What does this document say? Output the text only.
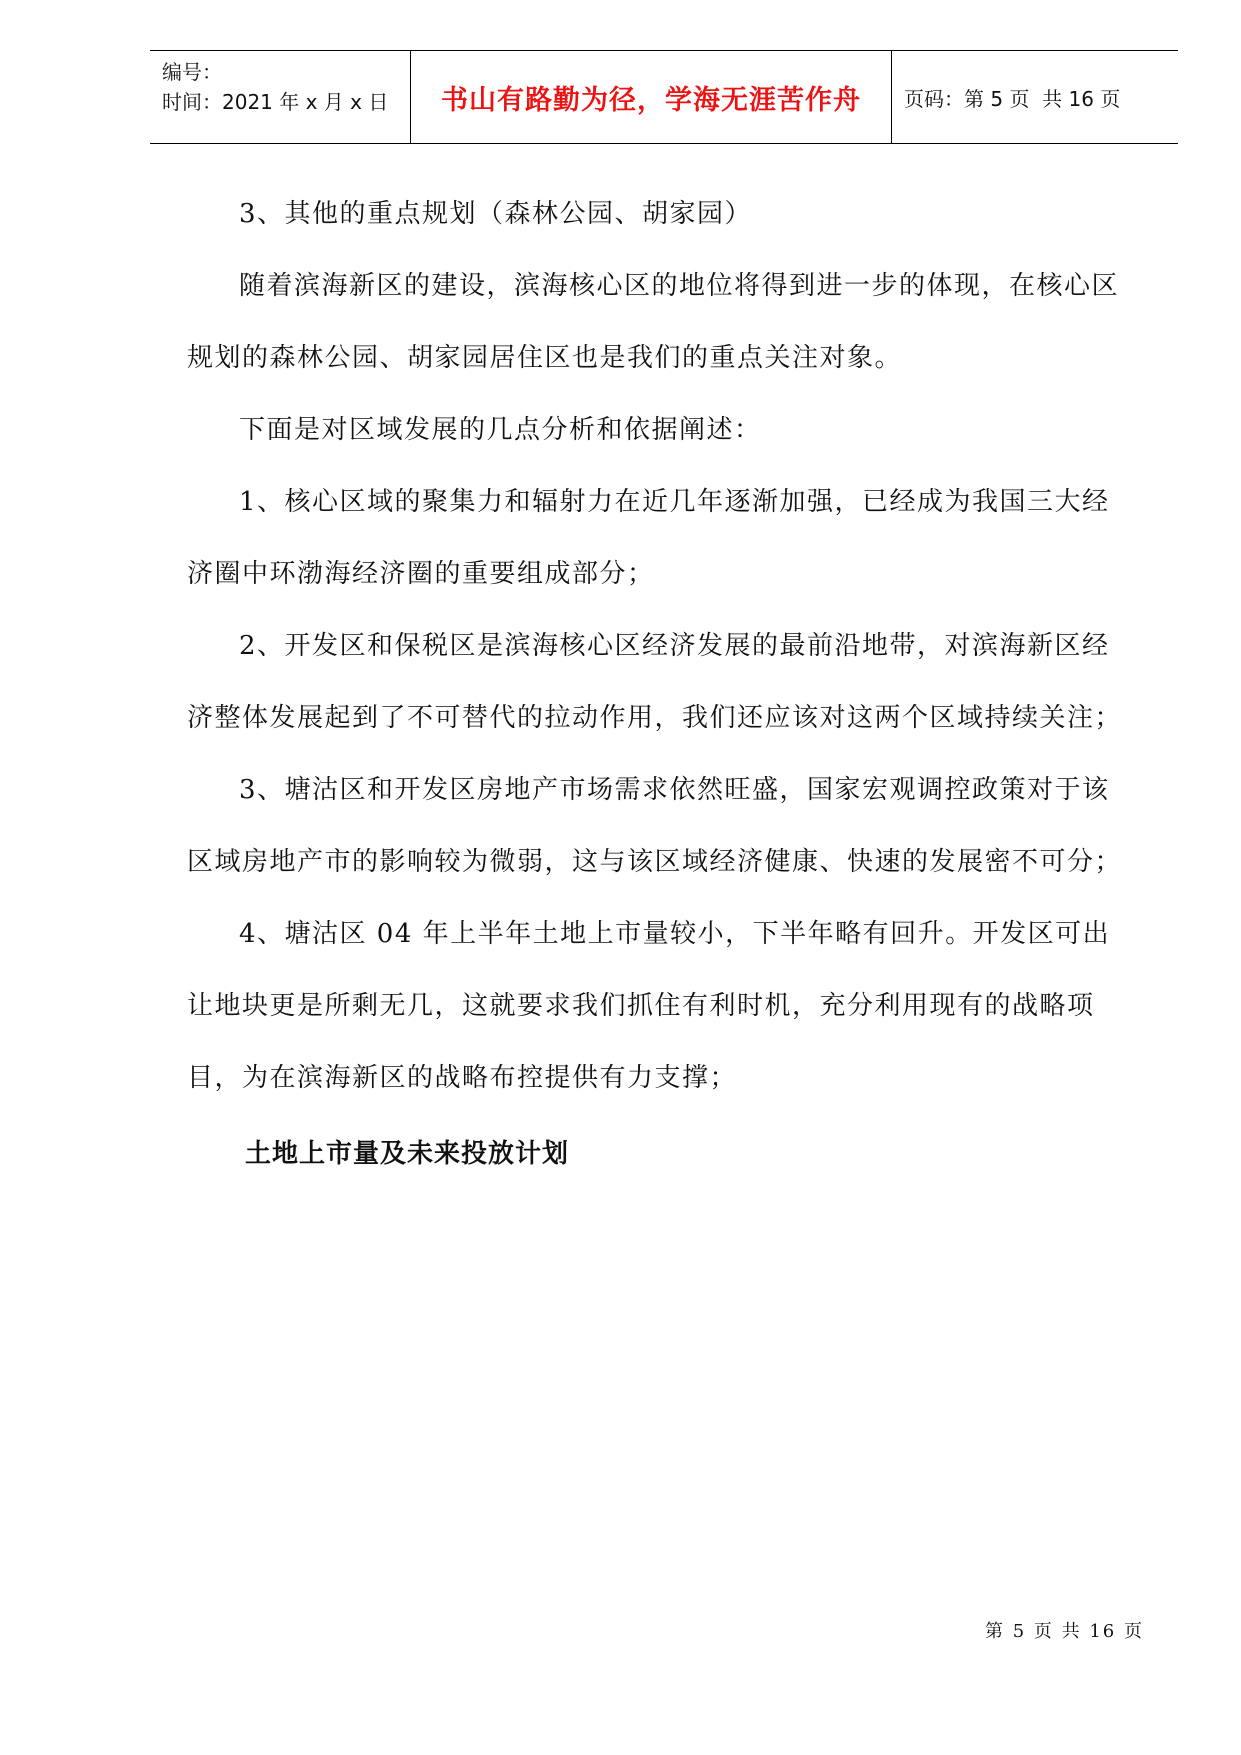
编号：
时间：2021 年 x 月 x 日	书山有路勤为径，学海无涯苦作舟	页码：第 5 页  共 16 页

3、其他的重点规划（森林公园、胡家园）

随着滨海新区的建设，滨海核心区的地位将得到进一步的体现，在核心区规划的森林公园、胡家园居住区也是我们的重点关注对象。

下面是对区域发展的几点分析和依据阐述：

1、核心区域的聚集力和辐射力在近几年逐渐加强，已经成为我国三大经济圈中环渤海经济圈的重要组成部分；

2、开发区和保税区是滨海核心区经济发展的最前沿地带，对滨海新区经济整体发展起到了不可替代的拉动作用，我们还应该对这两个区域持续关注；

3、塘沽区和开发区房地产市场需求依然旺盛，国家宏观调控政策对于该区域房地产市的影响较为微弱，这与该区域经济健康、快速的发展密不可分；

4、塘沽区 04 年上半年土地上市量较小，下半年略有回升。开发区可出让地块更是所剩无几，这就要求我们抓住有利时机，充分利用现有的战略项目，为在滨海新区的战略布控提供有力支撑；

土地上市量及未来投放计划

第 5 页 共 16 页
